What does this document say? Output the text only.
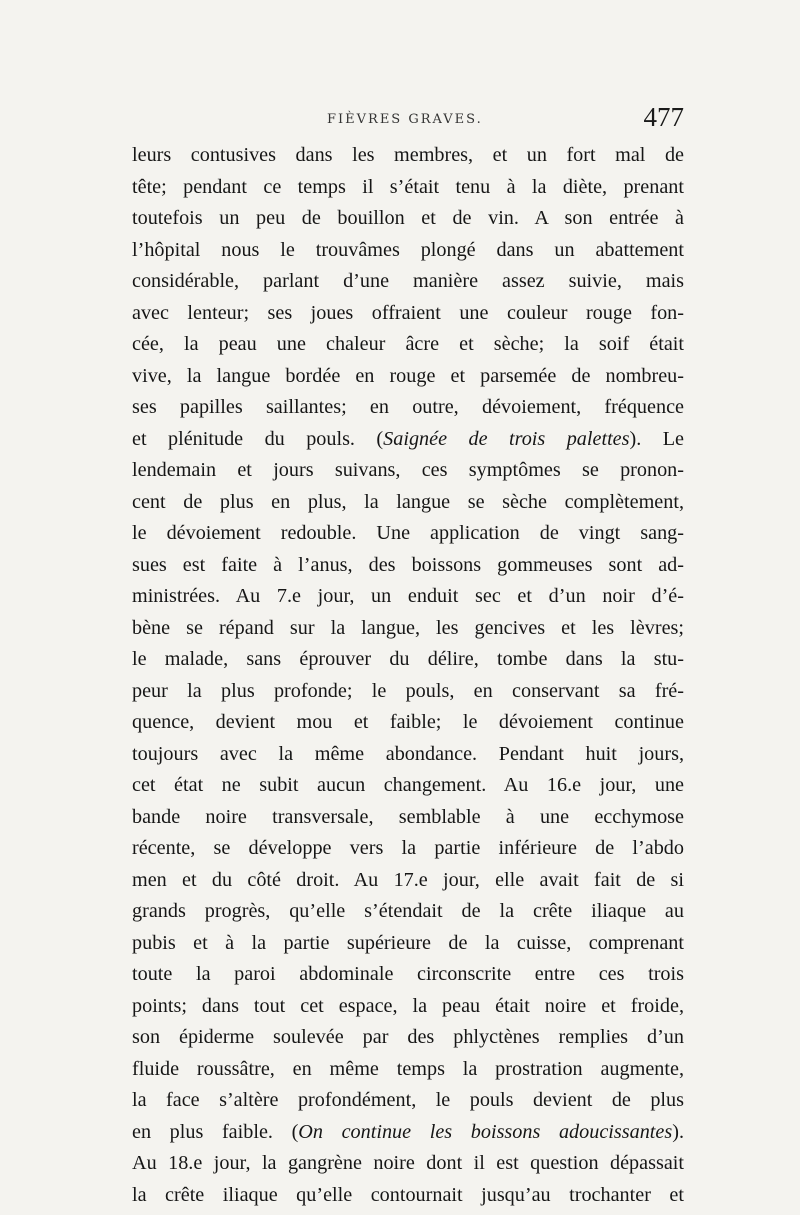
FIÈVRES GRAVES.	477
leurs contusives dans les membres, et un fort mal de
tête; pendant ce temps il s’était tenu à la diète, prenant
toutefois un peu de bouillon et de vin. A son entrée à
l’hôpital nous le trouvâmes plongé dans un abattement
considérable, parlant d’une manière assez suivie, mais
avec lenteur; ses joues offraient une couleur rouge fon-
cée, la peau une chaleur âcre et sèche; la soif était
vive, la langue bordée en rouge et parsemée de nombreu-
ses papilles saillantes; en outre, dévoiement, fréquence
et plénitude du pouls. (Saignée de trois palettes). Le
lendemain et jours suivans, ces symptômes se pronon-
cent de plus en plus, la langue se sèche complètement,
le dévoiement redouble. Une application de vingt sang-
sues est faite à l’anus, des boissons gommeuses sont ad-
ministrées. Au 7.e jour, un enduit sec et d’un noir d’é-
bène se répand sur la langue, les gencives et les lèvres;
le malade, sans éprouver du délire, tombe dans la stu-
peur la plus profonde; le pouls, en conservant sa fré-
quence, devient mou et faible; le dévoiement continue
toujours avec la même abondance. Pendant huit jours,
cet état ne subit aucun changement. Au 16.e jour, une
bande noire transversale, semblable à une ecchymose
récente, se développe vers la partie inférieure de l’abdo
men et du côté droit. Au 17.e jour, elle avait fait de si
grands progrès, qu’elle s’étendait de la crête iliaque au
pubis et à la partie supérieure de la cuisse, comprenant
toute la paroi abdominale circonscrite entre ces trois
points; dans tout cet espace, la peau était noire et froide,
son épiderme soulevée par des phlyctènes remplies d’un
fluide roussâtre, en même temps la prostration augmente,
la face s’altère profondément, le pouls devient de plus
en plus faible. (On continue les boissons adoucissantes).
Au 18.e jour, la gangrène noire dont il est question dépassait
la crête iliaque qu’elle contournait jusqu’au trochanter et
